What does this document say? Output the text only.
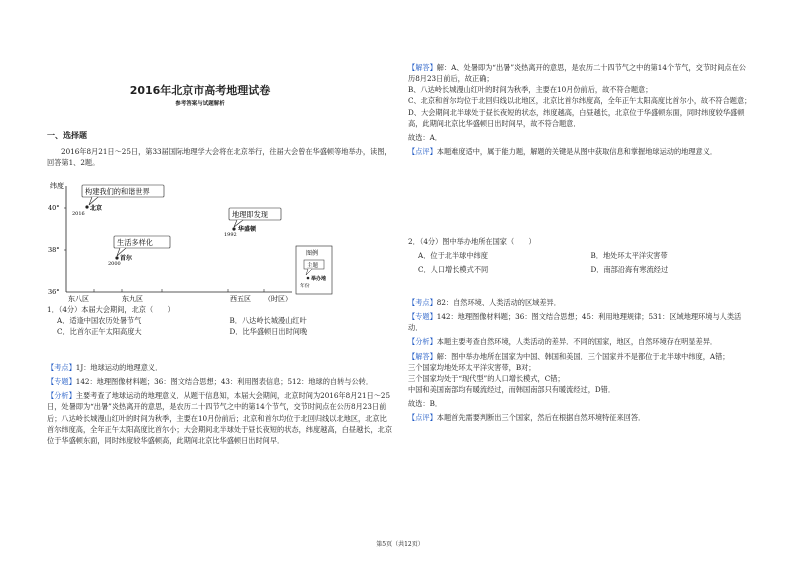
2016年北京市高考地理试卷
参考答案与试题解析
一、选择题
2016年8月21日～25日，第33届国际地理学大会将在北京举行，往届大会曾在华盛顿等地举办，读图，回答第1、2题。
纬度
40°
38°
36°
东八区	东九区	西五区 （时区）
构建我们的和谐世界
北京
2016
生活多样化
首尔
2000
地理即发现
华盛顿
1992
图例
主题
举办地
年份
1．（4分）本届大会期间，北京（　　）
A．适逢中国农历处暑节气	B．八达岭长城漫山红叶
C．比首尔正午太阳高度大	D．比华盛顿日出时间晚
【考点】1J：地球运动的地理意义．
【专题】142：地理图像材料题；36：图文结合思想；43：利用图表信息；512：地球的自转与公转．
【分析】主要考查了地球运动的地理意义．从题干信息知，本届大会期间，北京时间为2016年8月21日～25日，处暑即为“出暑”炎热离开的意思，是农历二十四节气之中的第14个节气，交节时间点在公历8月23日前后；八达岭长城漫山红叶的时间为秋季，主要在10月份前后；北京和首尔均位于北回归线以北地区，北京比首尔纬度高，全年正午太阳高度比首尔小；大会期间北半球处于昼长夜短的状态，纬度越高，白昼越长，北京位于华盛顿东面，同时纬度较华盛顿高，此期间北京比华盛顿日出时间早．
【解答】解：A、处暑即为“出暑”炎热离开的意思，是农历二十四节气之中的第14个节气，交节时间点在公历8月23日前后，故正确；
B、八达岭长城漫山红叶的时间为秋季，主要在10月份前后，故不符合题意；
C、北京和首尔均位于北回归线以北地区，北京比首尔纬度高，全年正午太阳高度比首尔小，故不符合题意；
D、大会期间北半球处于昼长夜短的状态，纬度越高，白昼越长，北京位于华盛顿东面，同时纬度较华盛顿高，此期间北京比华盛顿日出时间早，故不符合题意．
故选：A．
【点评】本题难度适中，属于能力题，解题的关键是从图中获取信息和掌握地球运动的地理意义．
2．（4分）图中举办地所在国家（　　）
A．位于北半球中纬度	B．地处环太平洋灾害带
C．人口增长模式不同	D．南部沿海有寒流经过
【考点】82：自然环境、人类活动的区域差异．
【专题】142：地理图像材料题；36：图文结合思想；45：利用地理规律；531：区域地理环境与人类活动．
【分析】本题主要考查自然环境，人类活动的差异．不同的国家，地区，自然环境存在明显差异．
【解答】解：图中举办地所在国家为中国、韩国和美国．三个国家并不是都位于北半球中纬度，A错；
三个国家均地处环太平洋灾害带，B对；
三个国家均处于“现代型”的人口增长模式，C错；
中国和美国南部均有暖流经过，而韩国南部只有暖流经过，D错．
故选：B．
【点评】本题首先需要判断出三个国家，然后在根据自然环境特征来回答．
第5页（共12页）
